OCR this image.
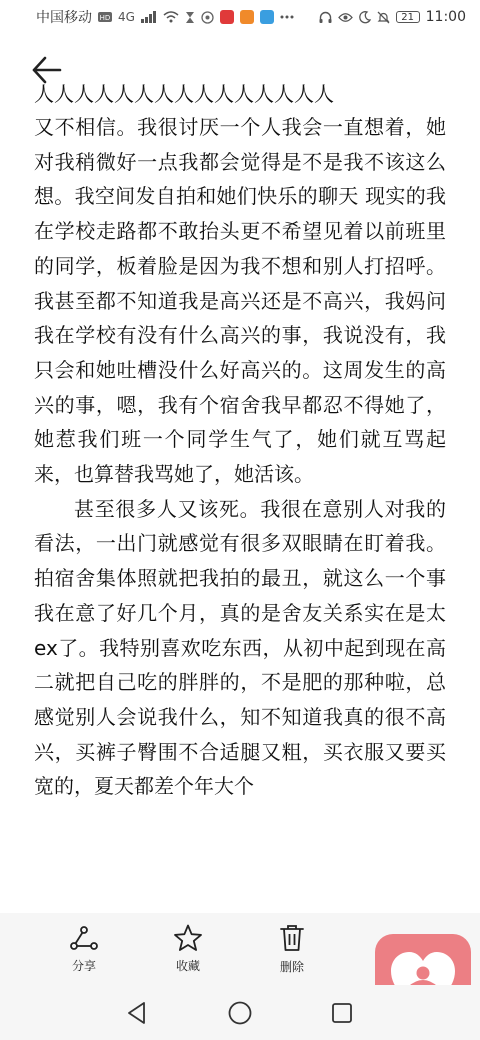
中国移动 HD 4G	21 11:00
人人人人人人人人人人人人人人人

又不相信。我很讨厌一个人我会一直想着，她对我稍微好一点我都会觉得是不是我不该这么想。我空间发自拍和她们快乐的聊天 现实的我在学校走路都不敢抬头更不希望见着以前班里的同学，板着脸是因为我不想和别人打招呼。我甚至都不知道我是高兴还是不高兴，我妈问我在学校有没有什么高兴的事，我说没有，我只会和她吐槽没什么好高兴的。这周发生的高兴的事，嗯，我有个宿舍我早都忍不得她了，她惹我们班一个同学生气了，她们就互骂起来，也算替我骂她了，她活该。

甚至很多人又该死。我很在意别人对我的看法，一出门就感觉有很多双眼睛在盯着我。拍宿舍集体照就把我拍的最丑，就这么一个事我在意了好几个月，真的是舍友关系实在是太ex了。我特别喜欢吃东西，从初中起到现在高二就把自己吃的胖胖的，不是肥的那种啦，总感觉别人会说我什么，知不知道我真的很不高兴，买裤子臀围不合适腿又粗，买衣服又要买宽的，夏天都差个年大个

分享	收藏	删除
